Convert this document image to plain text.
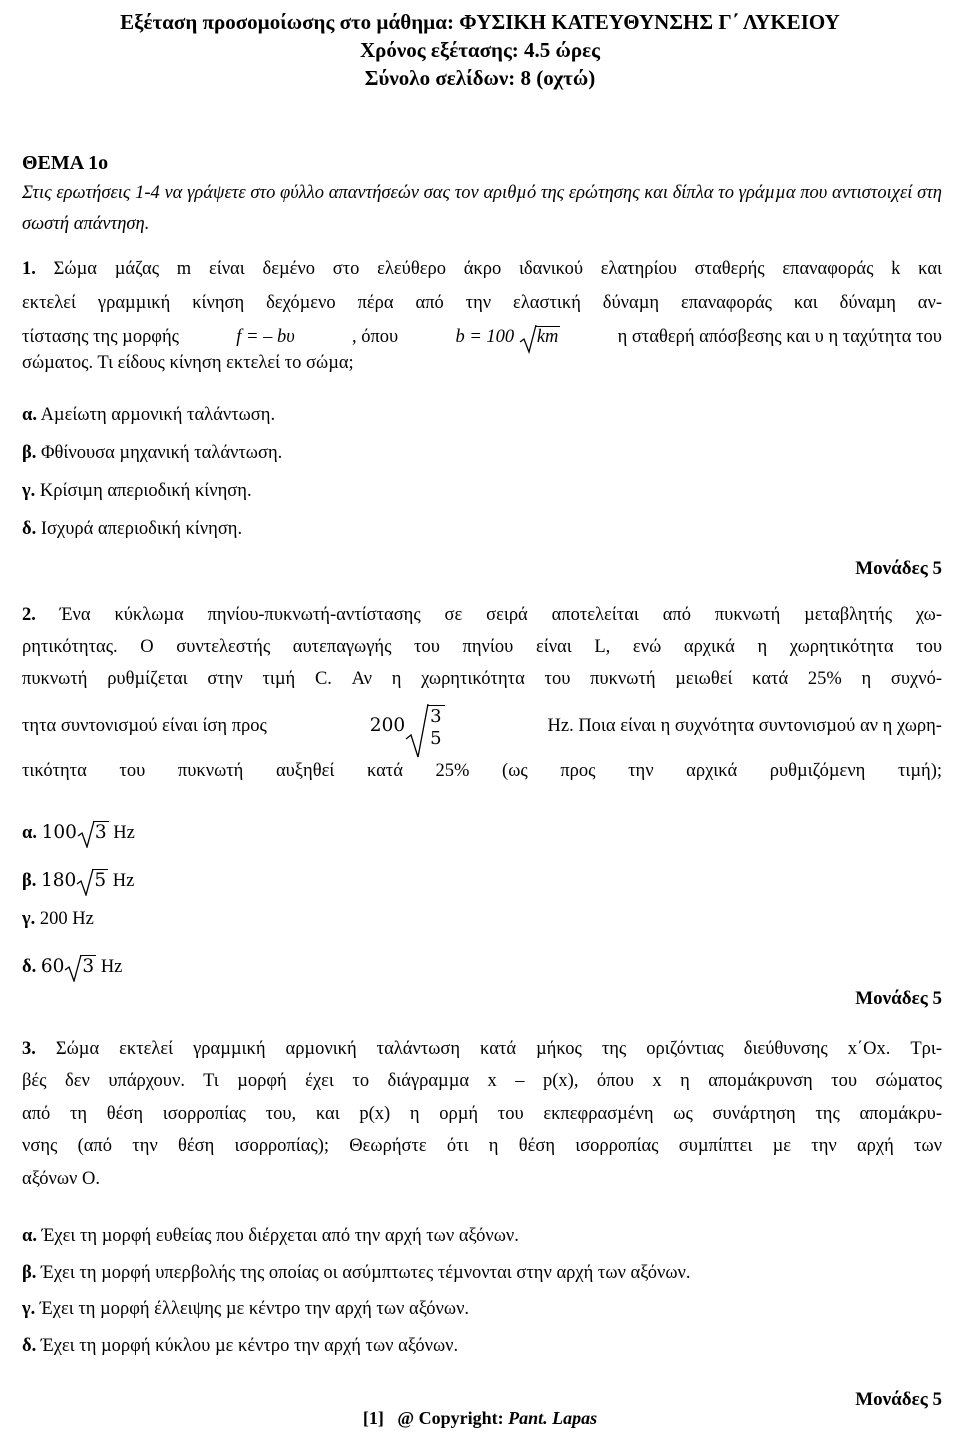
Εξέταση προσοµοίωσης στο µάθηµα: ΦΥΣΙΚΗ ΚΑΤΕΥΘΥΝΣΗΣ Γ΄ ΛΥΚΕΙΟΥ
Χρόνος εξέτασης: 4.5 ώρες
Σύνολο σελίδων: 8 (οχτώ)
ΘΕΜΑ 1ο
Στις ερωτήσεις 1-4 να γράψετε στο φύλλο απαντήσεών σας τον αριθµό της ερώτησης και δίπλα το γράµµα που αντιστοιχεί στη σωστή απάντηση.
1. Σώµα µάζας m είναι δεµένο στο ελεύθερο άκρο ιδανικού ελατηρίου σταθερής επαναφοράς k και
εκτελεί γραµµική κίνηση δεχόµενο πέρα από την ελαστική δύναµη επαναφοράς και δύναµη αν-
τίστασης της µορφής	f = – bυ	, όπου	b = 100 km	η σταθερή απόσβεσης και υ η ταχύτητα του
σώµατος. Τι είδους κίνηση εκτελεί το σώµα;
α. Αµείωτη αρµονική ταλάντωση.
β. Φθίνουσα µηχανική ταλάντωση.
γ. Κρίσιµη απεριοδική κίνηση.
δ. Ισχυρά απεριοδική κίνηση.
Μονάδες 5
2. Ένα κύκλωµα πηνίου-πυκνωτή-αντίστασης σε σειρά αποτελείται από πυκνωτή µεταβλητής χω-
ρητικότητας. Ο συντελεστής αυτεπαγωγής του πηνίου είναι L, ενώ αρχικά η χωρητικότητα του
πυκνωτή ρυθµίζεται στην τιµή C. Αν η χωρητικότητα του πυκνωτή µειωθεί κατά 25% η συχνό-
τητα συντονισµού είναι ίση προς	200 3
5
Hz. Ποια είναι η συχνότητα συντονισµού αν η χωρη-
τικότητα του πυκνωτή αυξηθεί κατά 25% (ως προς την αρχικά ρυθµιζόµενη τιµή);
α. 100 3 Hz
β. 180 5 Hz
γ. 200 Hz
δ. 60 3 Hz
Μονάδες 5
3. Σώµα εκτελεί γραµµική αρµονική ταλάντωση κατά µήκος της οριζόντιας διεύθυνσης x΄Ox. Τρι-
βές δεν υπάρχουν. Τι µορφή έχει το διάγραµµα x – p(x), όπου x η αποµάκρυνση του σώµατος
από τη θέση ισορροπίας του, και p(x) η ορµή του εκπεφρασµένη ως συνάρτηση της αποµάκρυ-
νσης (από την θέση ισορροπίας); Θεωρήστε ότι η θέση ισορροπίας συµπίπτει µε την αρχή των
αξόνων Ο.
α. Έχει τη µορφή ευθείας που διέρχεται από την αρχή των αξόνων.
β. Έχει τη µορφή υπερβολής της οποίας οι ασύµπτωτες τέµνονται στην αρχή των αξόνων.
γ. Έχει τη µορφή έλλειψης µε κέντρο την αρχή των αξόνων.
δ. Έχει τη µορφή κύκλου µε κέντρο την αρχή των αξόνων.
Μονάδες 5
[1] @ Copyright: Pant. Lapas
